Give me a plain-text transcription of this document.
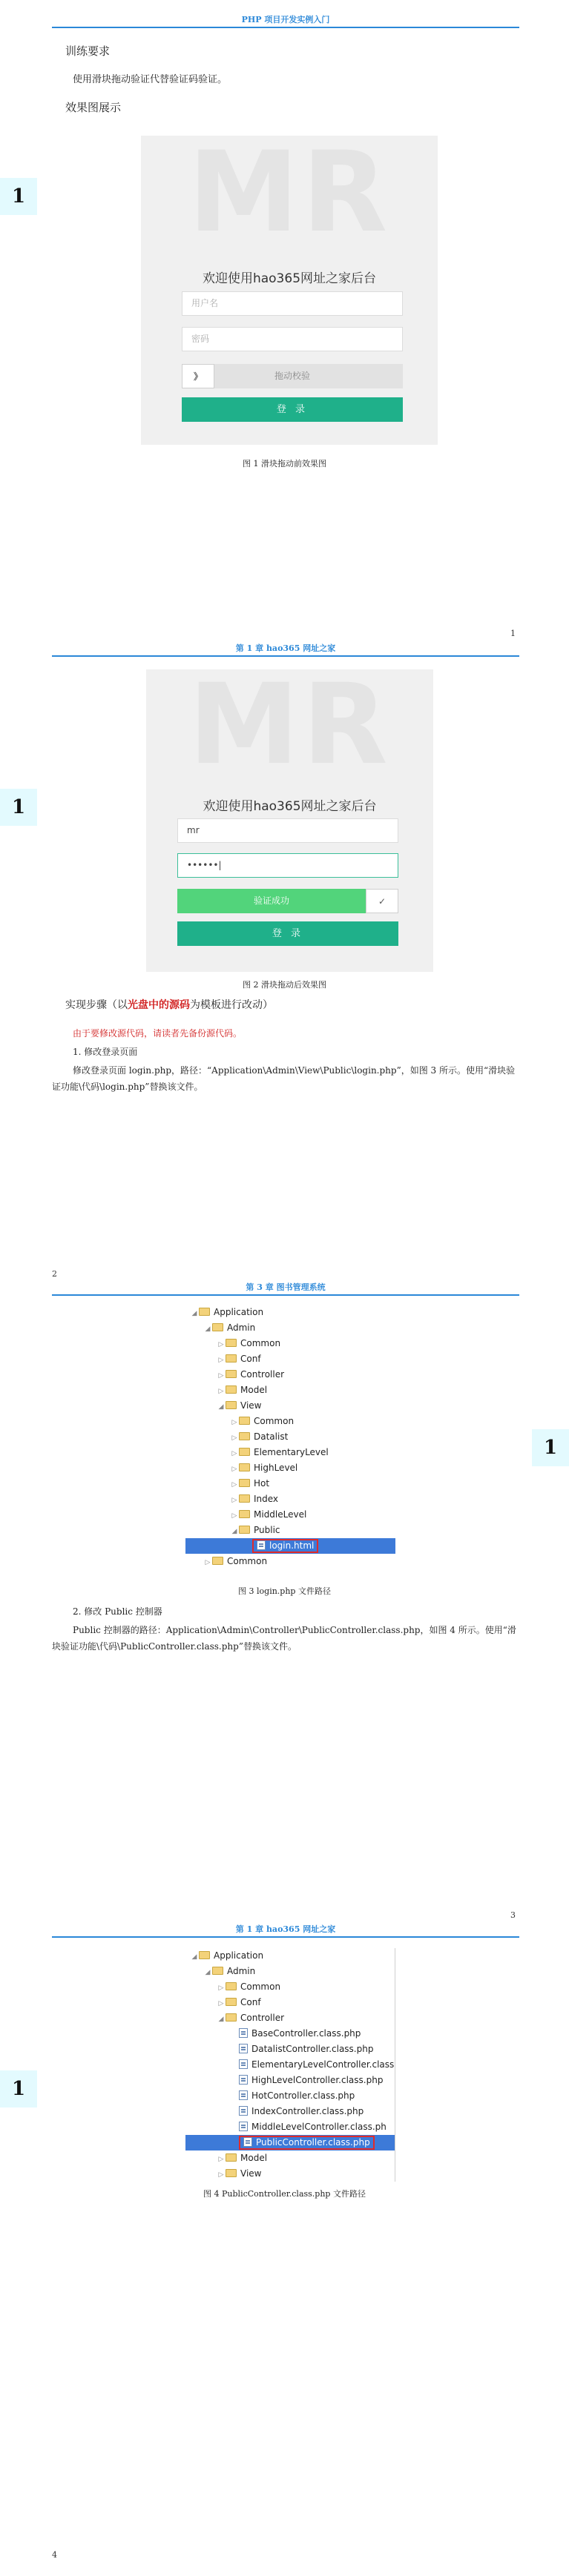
PHP 项目开发实例入门
训练要求
使用滑块拖动验证代替验证码验证。
效果图展示
1	MR
欢迎使用hao365网址之家后台
用户名
密码
》	拖动校验
登 录
图 1 滑块拖动前效果图
1
第 1 章 hao365 网址之家
1
MR
欢迎使用hao365网址之家后台
mr
••••••|
验证成功	✓
登 录
图 2 滑块拖动后效果图
实现步骤（以光盘中的源码为模板进行改动）
由于要修改源代码，请读者先备份源代码。
1. 修改登录页面
修改登录页面 login.php，路径：“Application\Admin\View\Public\login.php”，如图 3 所示。使用“滑块验证功能\代码\login.php”替换该文件。
2
第 3 章 图书管理系统
1
◢ Application
◢ Admin
▷ Common
▷ Conf
▷ Controller
▷ Model
◢ View
▷ Common
▷ Datalist
▷ ElementaryLevel
▷ HighLevel
▷ Hot
▷ Index
▷ MiddleLevel
◢ Public
login.html
▷ Common
图 3 login.php 文件路径
2. 修改 Public 控制器
Public 控制器的路径：Application\Admin\Controller\PublicController.class.php，如图 4 所示。使用“滑块验证功能\代码\PublicController.class.php”替换该文件。
3
第 1 章 hao365 网址之家
1
◢ Application
◢ Admin
▷ Common
▷ Conf
◢ Controller
BaseController.class.php
DatalistController.class.php
ElementaryLevelController.class
HighLevelController.class.php
HotController.class.php
IndexController.class.php
MiddleLevelController.class.ph
PublicController.class.php
▷ Model
▷ View
图 4 PublicController.class.php 文件路径
4
